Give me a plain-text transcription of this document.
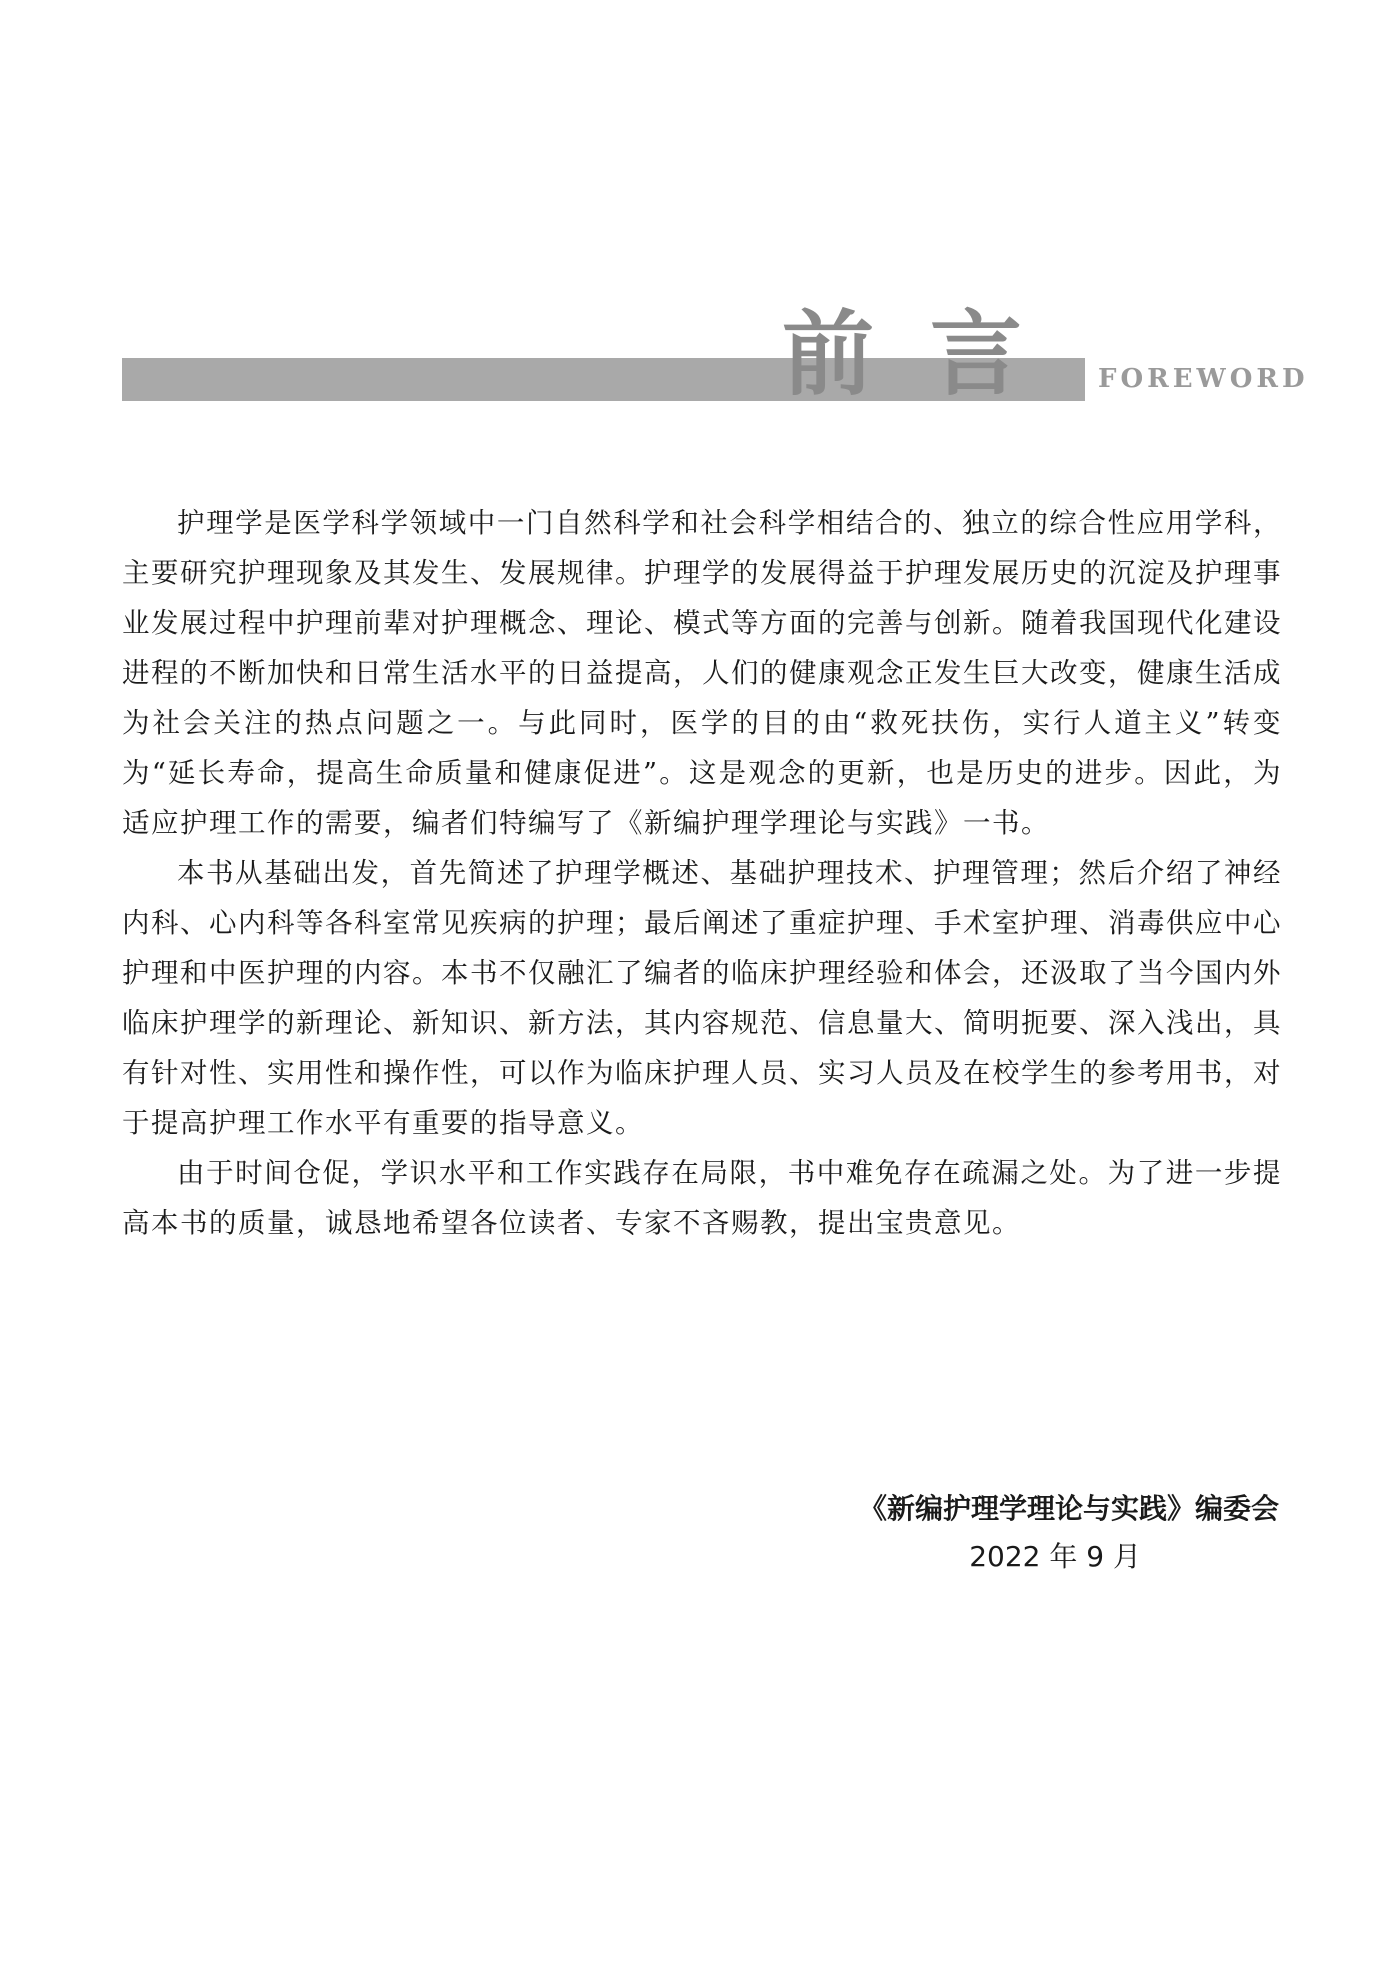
前言 FOREWORD

护理学是医学科学领域中一门自然科学和社会科学相结合的、独立的综合性应用学科，主要研究护理现象及其发生、发展规律。护理学的发展得益于护理发展历史的沉淀及护理事业发展过程中护理前辈对护理概念、理论、模式等方面的完善与创新。随着我国现代化建设进程的不断加快和日常生活水平的日益提高，人们的健康观念正发生巨大改变，健康生活成为社会关注的热点问题之一。与此同时，医学的目的由“救死扶伤，实行人道主义”转变为“延长寿命，提高生命质量和健康促进”。这是观念的更新，也是历史的进步。因此，为适应护理工作的需要，编者们特编写了《新编护理学理论与实践》一书。

本书从基础出发，首先简述了护理学概述、基础护理技术、护理管理；然后介绍了神经内科、心内科等各科室常见疾病的护理；最后阐述了重症护理、手术室护理、消毒供应中心护理和中医护理的内容。本书不仅融汇了编者的临床护理经验和体会，还汲取了当今国内外临床护理学的新理论、新知识、新方法，其内容规范、信息量大、简明扼要、深入浅出，具有针对性、实用性和操作性，可以作为临床护理人员、实习人员及在校学生的参考用书，对于提高护理工作水平有重要的指导意义。

由于时间仓促，学识水平和工作实践存在局限，书中难免存在疏漏之处。为了进一步提高本书的质量，诚恳地希望各位读者、专家不吝赐教，提出宝贵意见。

《新编护理学理论与实践》编委会
2022 年 9 月
